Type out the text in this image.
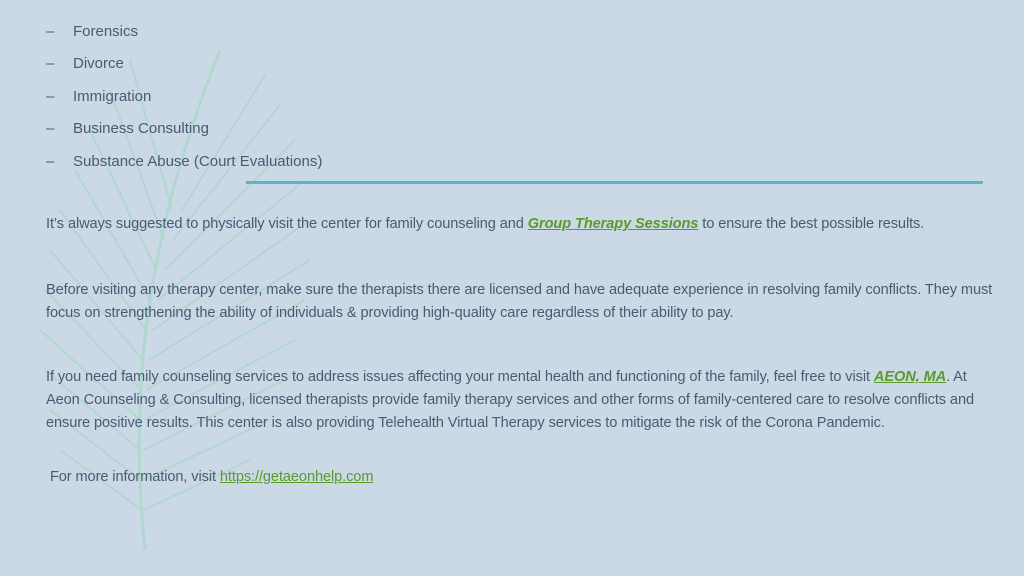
–	Forensics
–	Divorce
–	Immigration
–	Business Consulting
–	Substance Abuse (Court Evaluations)

It’s always suggested to physically visit the center for family counseling and Group Therapy Sessions to ensure the best possible results.

Before visiting any therapy center, make sure the therapists there are licensed and have adequate experience in resolving family conflicts. They must focus on strengthening the ability of individuals & providing high-quality care regardless of their ability to pay.

If you need family counseling services to address issues affecting your mental health and functioning of the family, feel free to visit AEON, MA. At Aeon Counseling & Consulting, licensed therapists provide family therapy services and other forms of family-centered care to resolve conflicts and ensure positive results. This center is also providing Telehealth Virtual Therapy services to mitigate the risk of the Corona Pandemic.

For more information, visit https://getaeonhelp.com
